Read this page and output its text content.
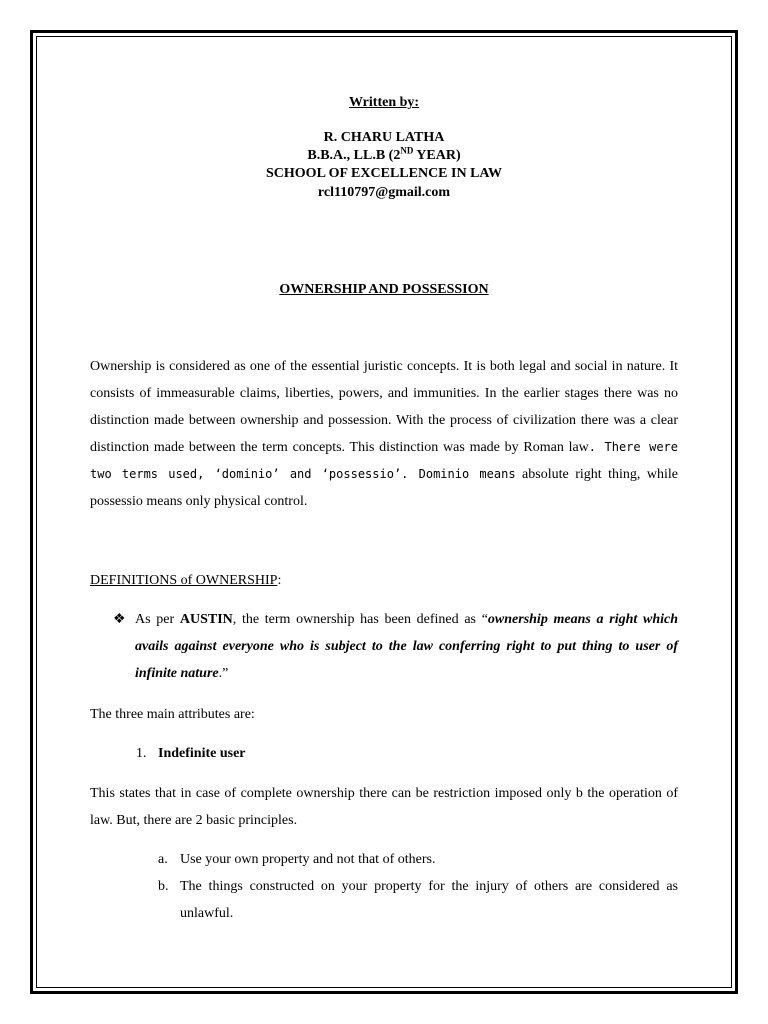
Written by:
R. CHARU LATHA
B.B.A., LL.B (2ND YEAR)
SCHOOL OF EXCELLENCE IN LAW
rcl110797@gmail.com
OWNERSHIP AND POSSESSION
Ownership is considered as one of the essential juristic concepts. It is both legal and social in nature. It consists of immeasurable claims, liberties, powers, and immunities. In the earlier stages there was no distinction made between ownership and possession. With the process of civilization there was a clear distinction made between the term concepts. This distinction was made by Roman law. There were two terms used, ‘dominio’ and ‘possessio’. Dominio means absolute right thing, while possessio means only physical control.
DEFINITIONS of OWNERSHIP:
❖ As per AUSTIN, the term ownership has been defined as “ownership means a right which avails against everyone who is subject to the law conferring right to put thing to user of infinite nature.”
The three main attributes are:
1. Indefinite user
This states that in case of complete ownership there can be restriction imposed only b the operation of law. But, there are 2 basic principles.
a. Use your own property and not that of others.
b. The things constructed on your property for the injury of others are considered as unlawful.
